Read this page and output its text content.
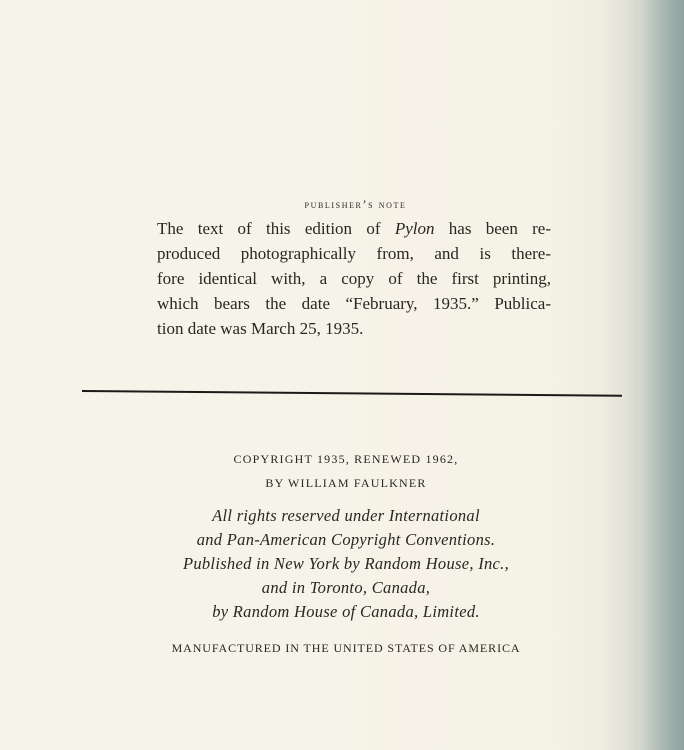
publisher’s note
The text of this edition of Pylon has been re-
produced photographically from, and is there-
fore identical with, a copy of the first printing,
which bears the date “February, 1935.” Publica-
tion date was March 25, 1935.
COPYRIGHT 1935, RENEWED 1962,
BY WILLIAM FAULKNER
All rights reserved under International
and Pan-American Copyright Conventions.
Published in New York by Random House, Inc.,
and in Toronto, Canada,
by Random House of Canada, Limited.
MANUFACTURED IN THE UNITED STATES OF AMERICA
